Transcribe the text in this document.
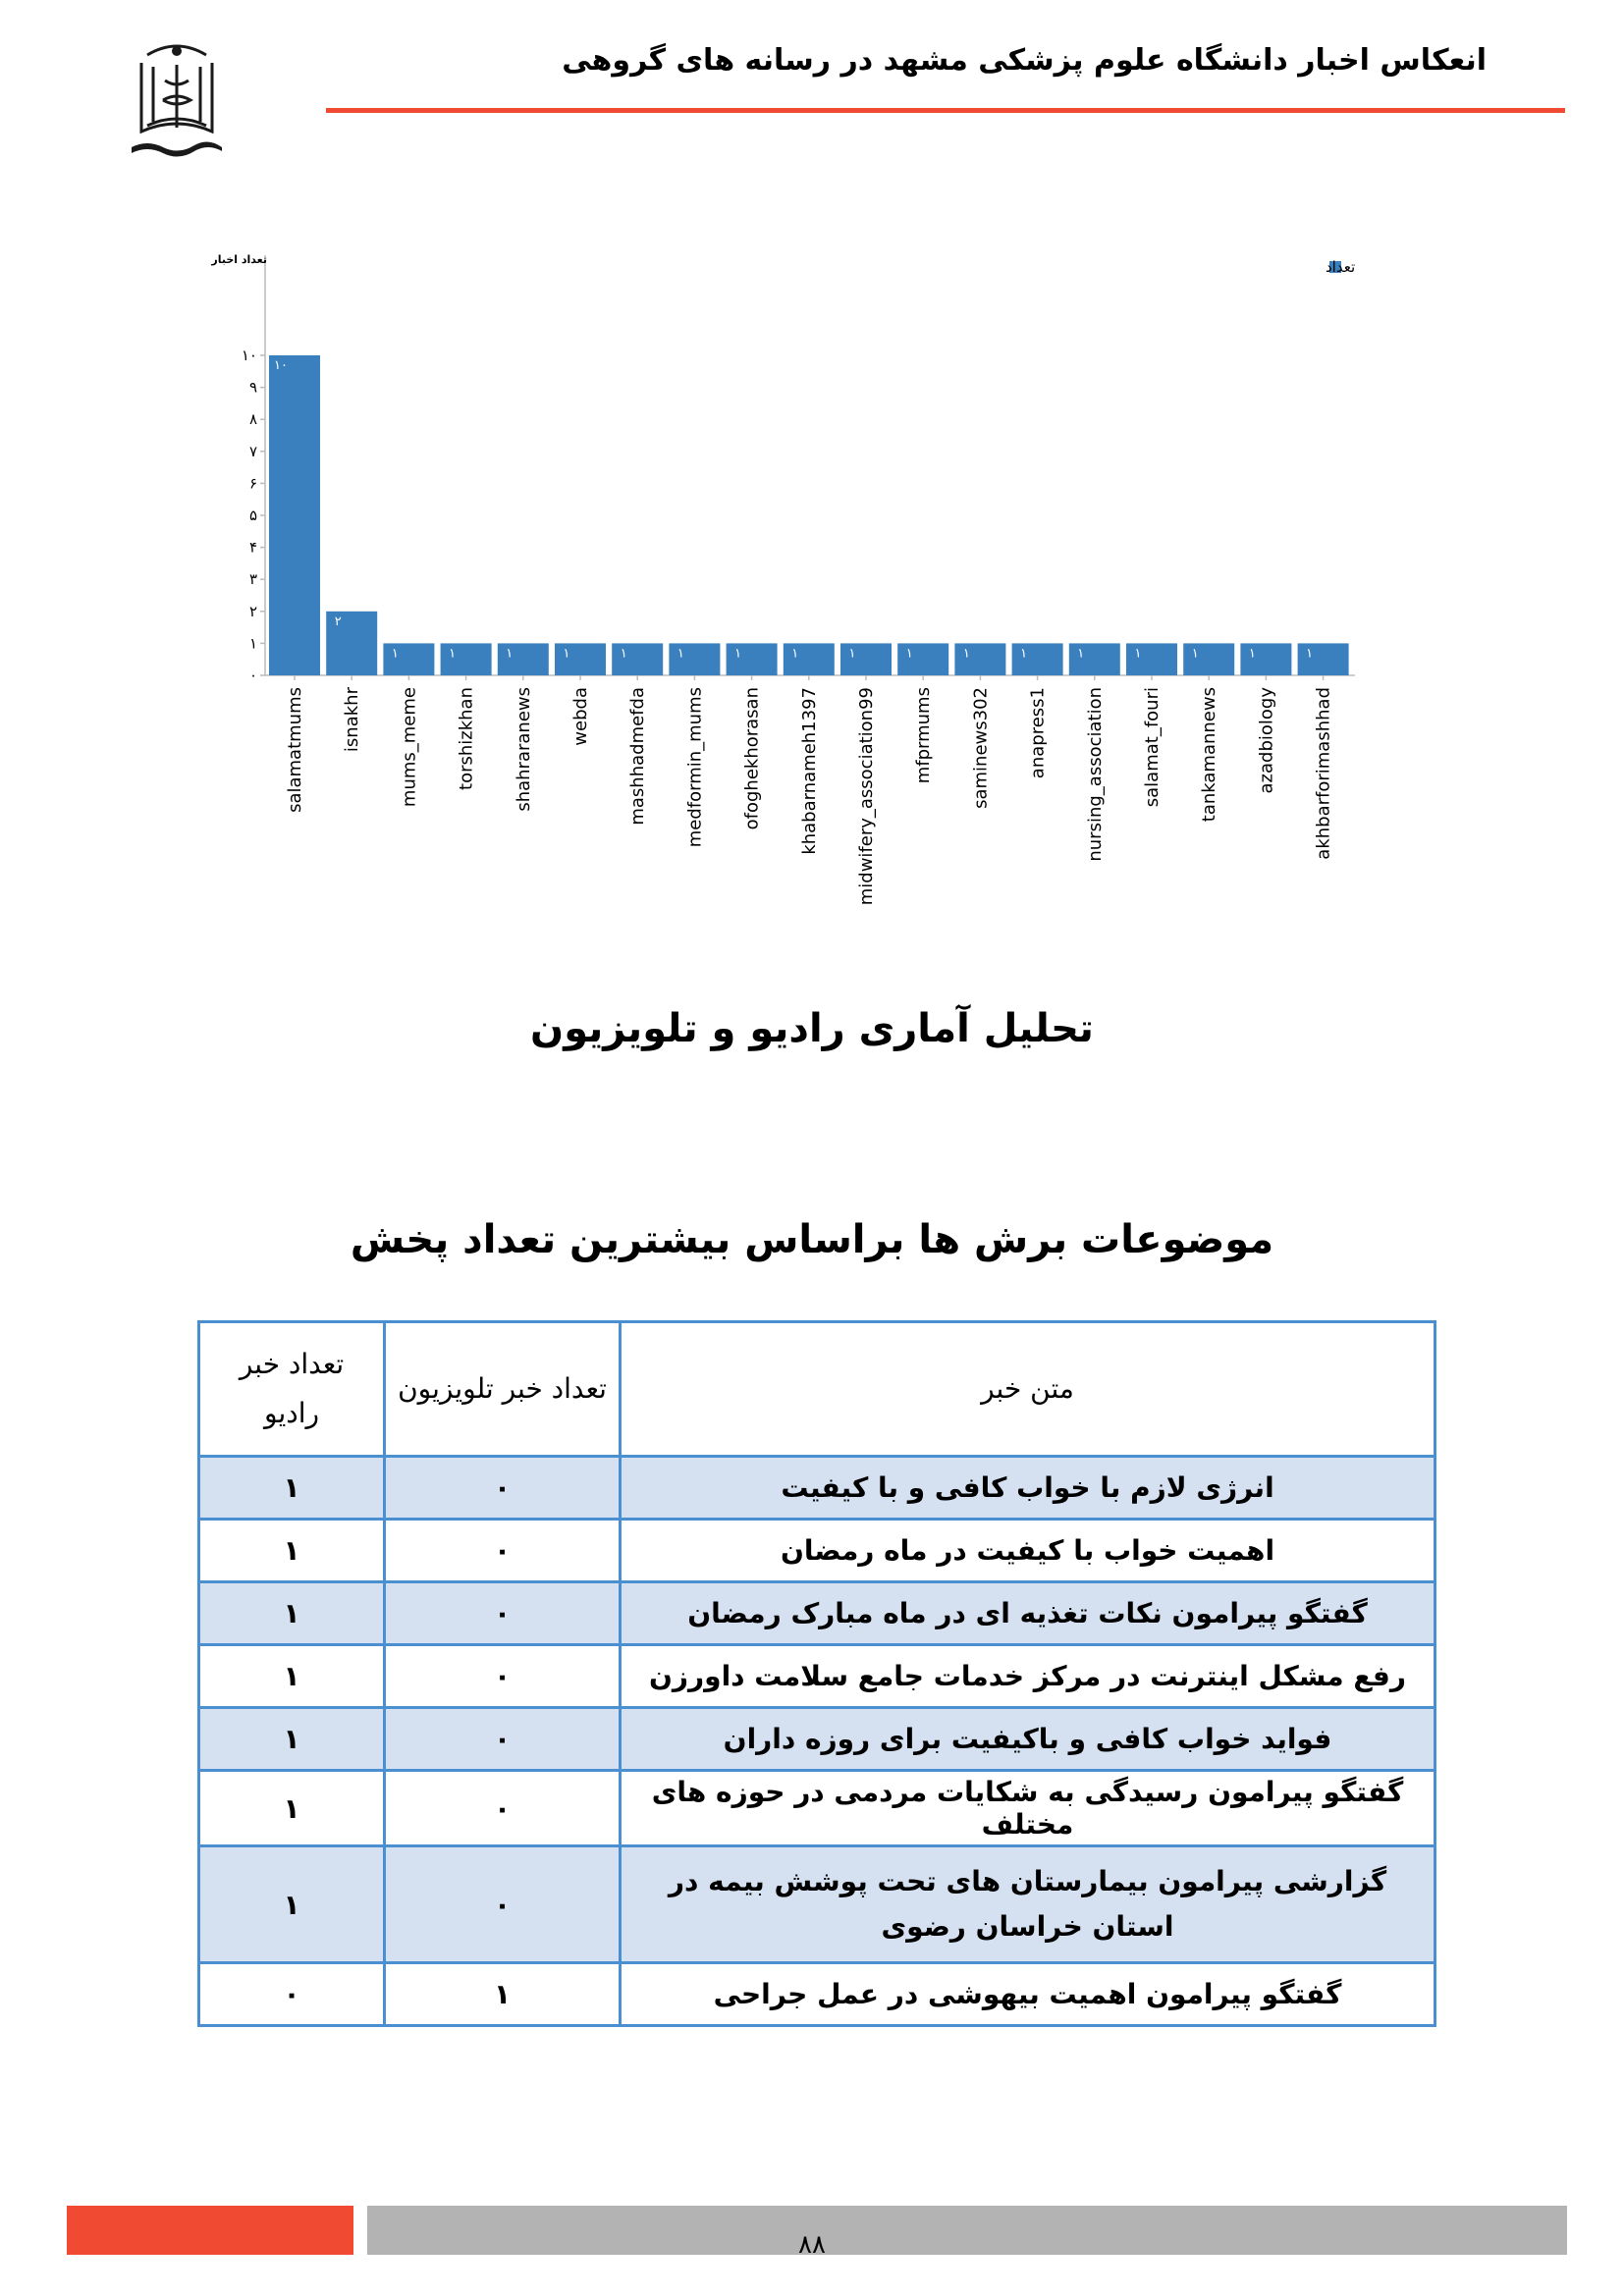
انعکاس اخبار دانشگاه علوم پزشکی مشهد در رسانه های گروهی
تعداد اخبار	تعداد
۰
۱
۲
۳
۴
۵
۶
۷
۸
۹
۱۰
۱۰
salamatmums
۲
isnakhr
۱
mums_meme
۱
torshizkhan
۱
shahraranews
۱
webda
۱
mashhadmefda
۱
medformin_mums
۱
ofoghekhorasan
۱
khabarnameh1397
۱
midwifery_association99
۱
mfprmums
۱
saminews302
۱
anapress1
۱
nursing_association
۱
salamat_fouri
۱
tankamannews
۱
azadbiology
۱
akhbarforimashhad
تحلیل آماری رادیو و تلویزیون
موضوعات برش ها براساس بیشترین تعداد پخش
متن خبر	تعداد خبر تلویزیون	تعداد خبر رادیو
انرژی لازم با خواب کافی و با کیفیت	۰	۱
اهمیت خواب با کیفیت در ماه رمضان	۰	۱
گفتگو پیرامون نکات تغذیه ای در ماه مبارک رمضان	۰	۱
رفع مشکل اینترنت در مرکز خدمات جامع سلامت داورزن	۰	۱
فواید خواب کافی و باکیفیت برای روزه داران	۰	۱
گفتگو پیرامون رسیدگی به شکایات مردمی در حوزه های مختلف	۰	۱
گزارشی پیرامون بیمارستان های تحت پوشش بیمه در استان خراسان رضوی	۰	۱
گفتگو پیرامون اهمیت بیهوشی در عمل جراحی	۱	۰
۸۸
